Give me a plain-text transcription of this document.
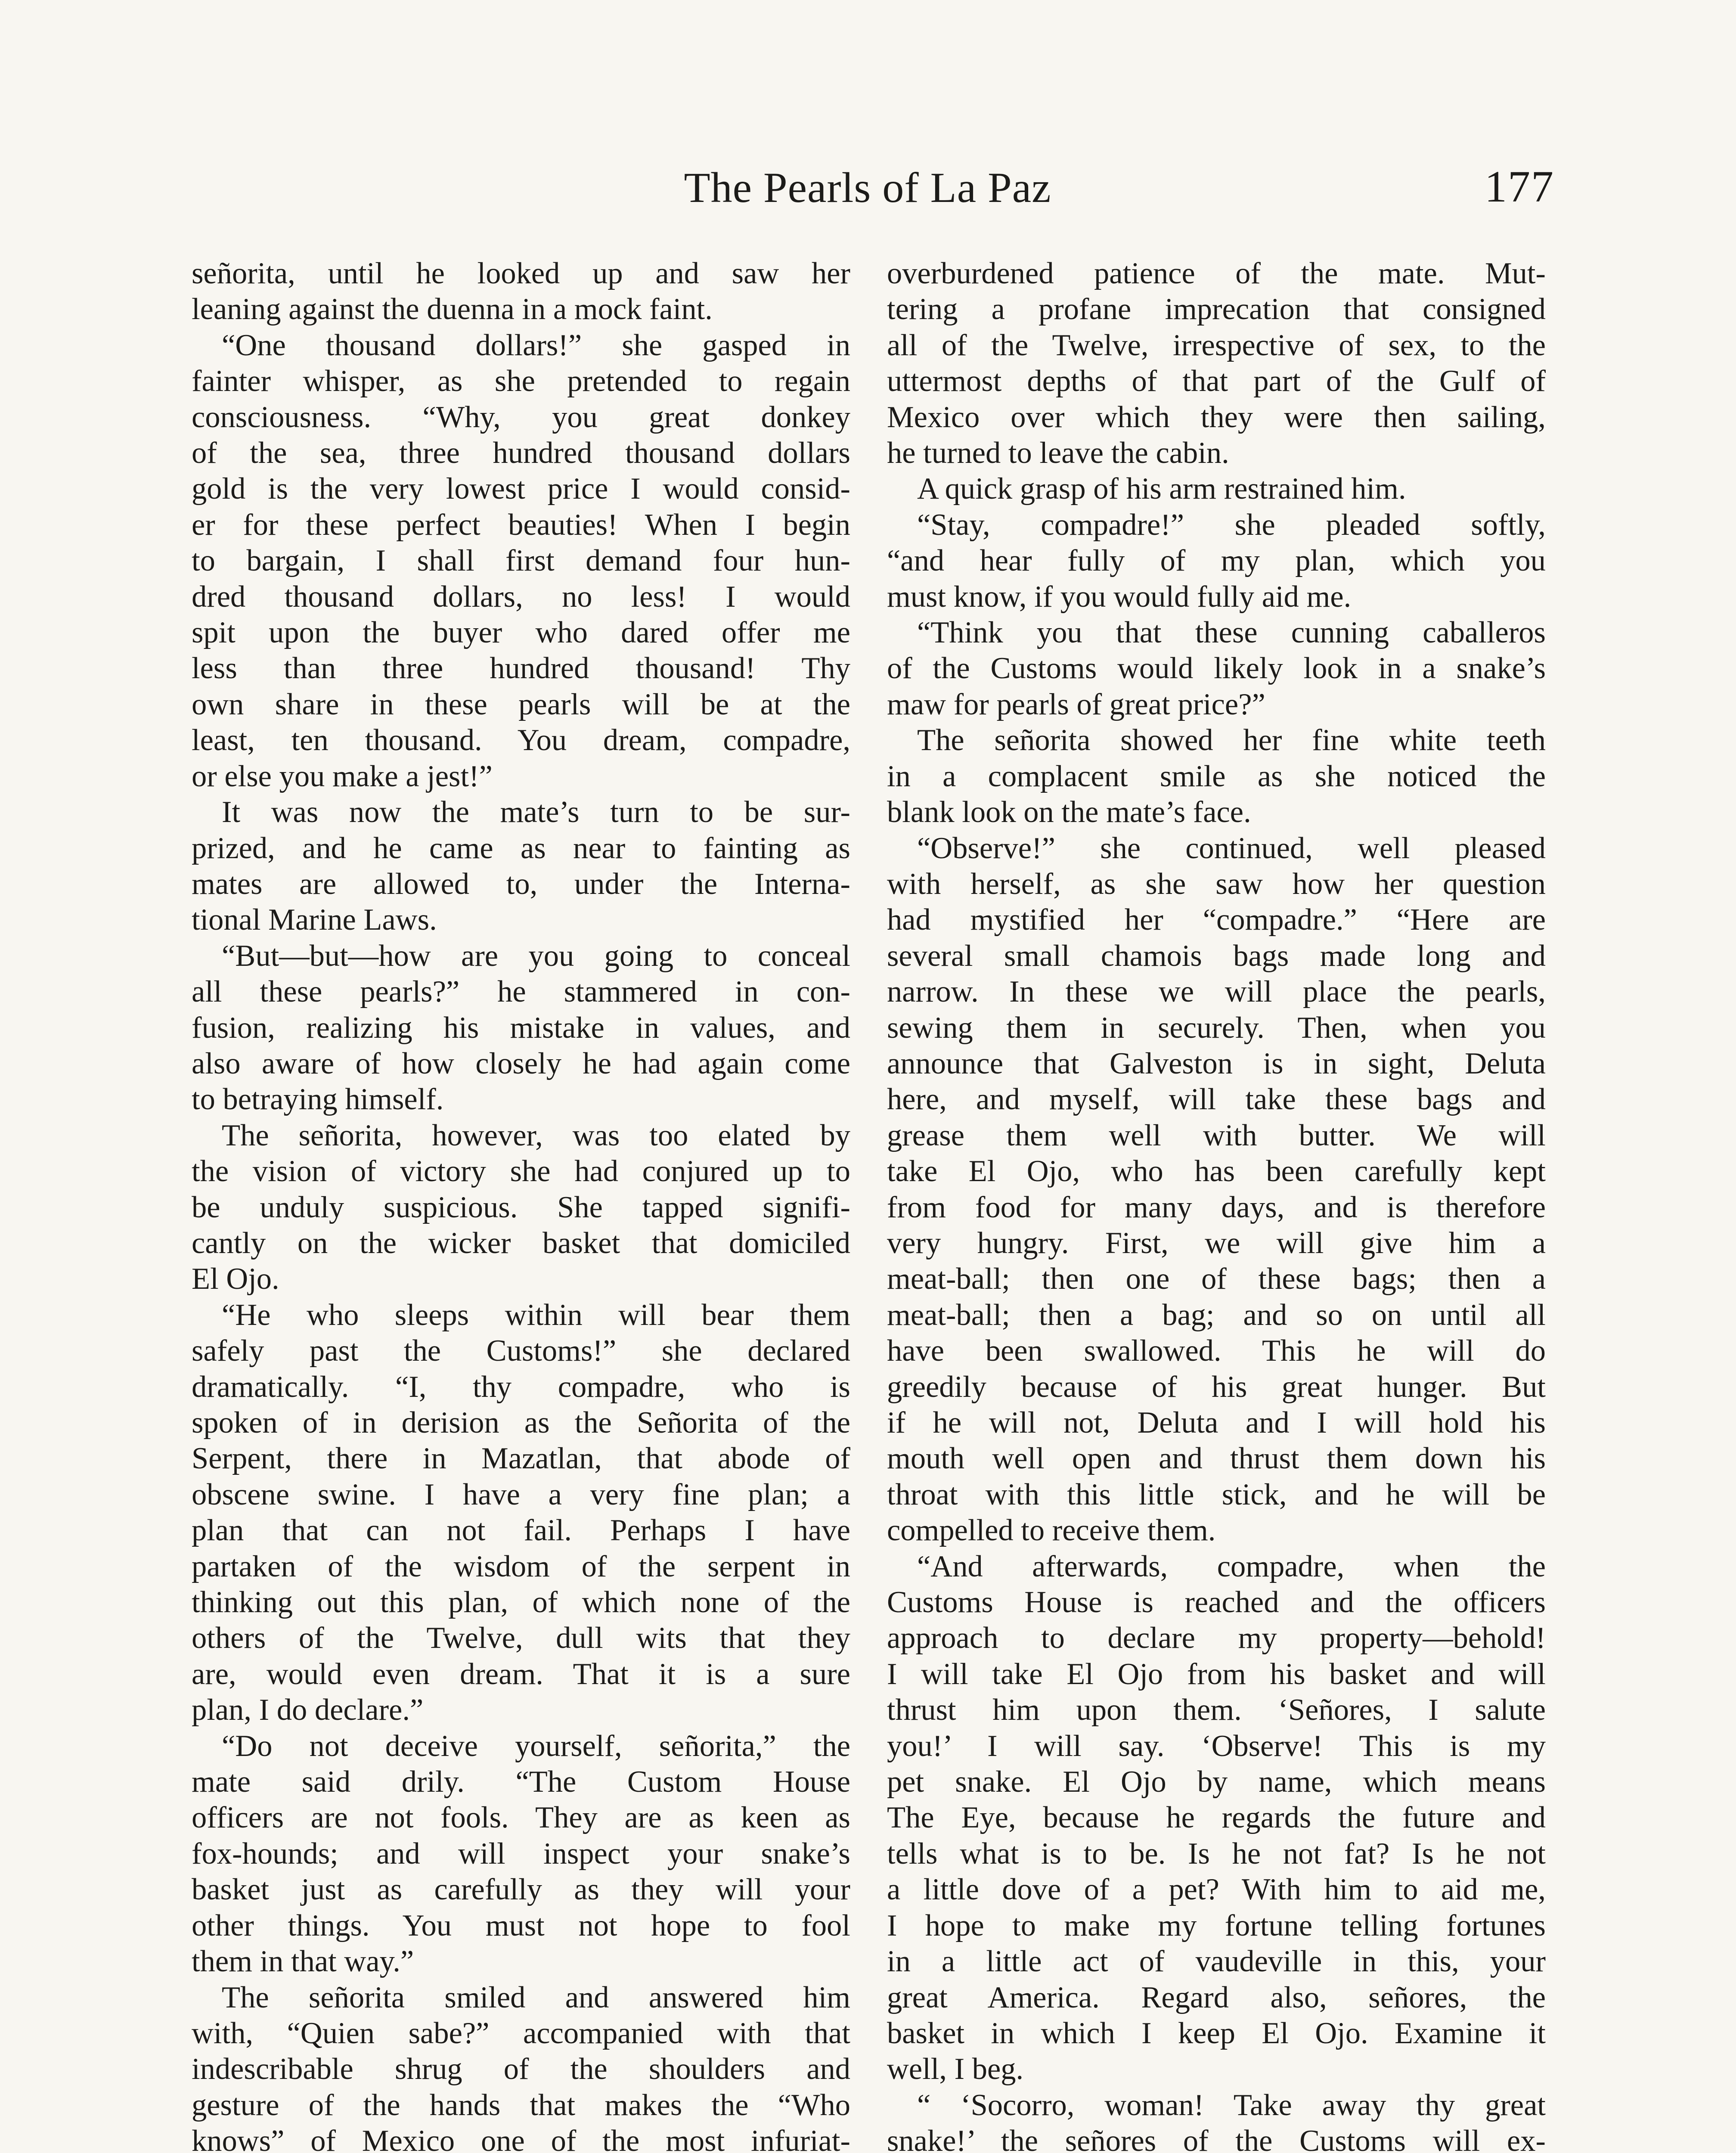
The Pearls of La Paz	177

señorita, until he looked up and saw her
leaning against the duenna in a mock faint.

“One thousand dollars!” she gasped in
fainter whisper, as she pretended to regain
consciousness. “Why, you great donkey
of the sea, three hundred thousand dollars
gold is the very lowest price I would consid-
er for these perfect beauties! When I begin
to bargain, I shall first demand four hun-
dred thousand dollars, no less! I would
spit upon the buyer who dared offer me
less than three hundred thousand! Thy
own share in these pearls will be at the
least, ten thousand. You dream, compadre,
or else you make a jest!”

It was now the mate’s turn to be sur-
prized, and he came as near to fainting as
mates are allowed to, under the Interna-
tional Marine Laws.

“But—but—how are you going to conceal
all these pearls?” he stammered in con-
fusion, realizing his mistake in values, and
also aware of how closely he had again come
to betraying himself.

The señorita, however, was too elated by
the vision of victory she had conjured up to
be unduly suspicious. She tapped signifi-
cantly on the wicker basket that domiciled
El Ojo.

“He who sleeps within will bear them
safely past the Customs!” she declared
dramatically. “I, thy compadre, who is
spoken of in derision as the Señorita of the
Serpent, there in Mazatlan, that abode of
obscene swine. I have a very fine plan; a
plan that can not fail. Perhaps I have
partaken of the wisdom of the serpent in
thinking out this plan, of which none of the
others of the Twelve, dull wits that they
are, would even dream. That it is a sure
plan, I do declare.”

“Do not deceive yourself, señorita,” the
mate said drily. “The Custom House
officers are not fools. They are as keen as
fox-hounds; and will inspect your snake’s
basket just as carefully as they will your
other things. You must not hope to fool
them in that way.”

The señorita smiled and answered him
with, “Quien sabe?” accompanied with that
indescribable shrug of the shoulders and
gesture of the hands that makes the “Who
knows” of Mexico one of the most infuriat-

overburdened patience of the mate. Mut-
tering a profane imprecation that consigned
all of the Twelve, irrespective of sex, to the
uttermost depths of that part of the Gulf of
Mexico over which they were then sailing,
he turned to leave the cabin.

A quick grasp of his arm restrained him.

“Stay, compadre!” she pleaded softly,
“and hear fully of my plan, which you
must know, if you would fully aid me.

“Think you that these cunning caballeros
of the Customs would likely look in a snake’s
maw for pearls of great price?”

The señorita showed her fine white teeth
in a complacent smile as she noticed the
blank look on the mate’s face.

“Observe!” she continued, well pleased
with herself, as she saw how her question
had mystified her “compadre.” “Here are
several small chamois bags made long and
narrow. In these we will place the pearls,
sewing them in securely. Then, when you
announce that Galveston is in sight, Deluta
here, and myself, will take these bags and
grease them well with butter. We will
take El Ojo, who has been carefully kept
from food for many days, and is therefore
very hungry. First, we will give him a
meat-ball; then one of these bags; then a
meat-ball; then a bag; and so on until all
have been swallowed. This he will do
greedily because of his great hunger. But
if he will not, Deluta and I will hold his
mouth well open and thrust them down his
throat with this little stick, and he will be
compelled to receive them.

“And afterwards, compadre, when the
Customs House is reached and the officers
approach to declare my property—behold!
I will take El Ojo from his basket and will
thrust him upon them. ‘Señores, I salute
you!’ I will say. ‘Observe! This is my
pet snake. El Ojo by name, which means
The Eye, because he regards the future and
tells what is to be. Is he not fat? Is he not
a little dove of a pet? With him to aid me,
I hope to make my fortune telling fortunes
in a little act of vaudeville in this, your
great America. Regard also, señores, the
basket in which I keep El Ojo. Examine it
well, I beg.

“ ‘Socorro, woman! Take away thy great
snake!’ the señores of the Customs will ex-
